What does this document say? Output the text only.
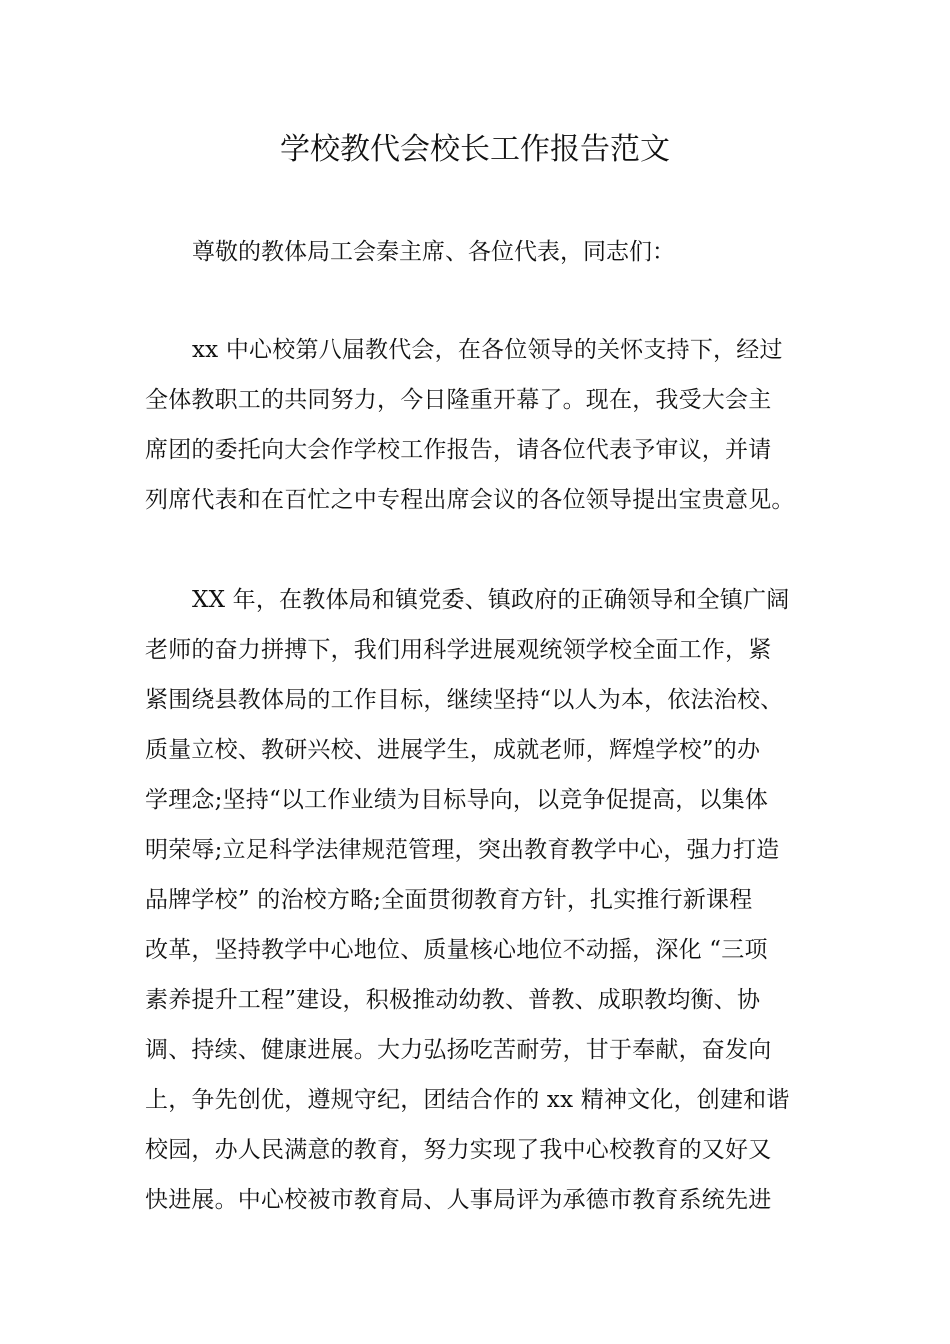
学校教代会校长工作报告范文

尊敬的教体局工会秦主席、各位代表，同志们：

xx 中心校第八届教代会，在各位领导的关怀支持下，经过
全体教职工的共同努力，今日隆重开幕了。现在，我受大会主
席团的委托向大会作学校工作报告，请各位代表予审议，并请
列席代表和在百忙之中专程出席会议的各位领导提出宝贵意见。
XX 年，在教体局和镇党委、镇政府的正确领导和全镇广阔
老师的奋力拼搏下，我们用科学进展观统领学校全面工作，紧
紧围绕县教体局的工作目标，继续坚持“以人为本，依法治校、
质量立校、教研兴校、进展学生，成就老师，辉煌学校”的办
学理念;坚持“以工作业绩为目标导向，以竞争促提高，以集体
明荣辱;立足科学法律规范管理，突出教育教学中心，强力打造
品牌学校” 的治校方略;全面贯彻教育方针，扎实推行新课程
改革，坚持教学中心地位、质量核心地位不动摇，深化 “三项
素养提升工程”建设，积极推动幼教、普教、成职教均衡、协
调、持续、健康进展。大力弘扬吃苦耐劳，甘于奉献，奋发向
上，争先创优，遵规守纪，团结合作的 xx 精神文化，创建和谐
校园，办人民满意的教育，努力实现了我中心校教育的又好又
快进展。中心校被市教育局、人事局评为承德市教育系统先进
